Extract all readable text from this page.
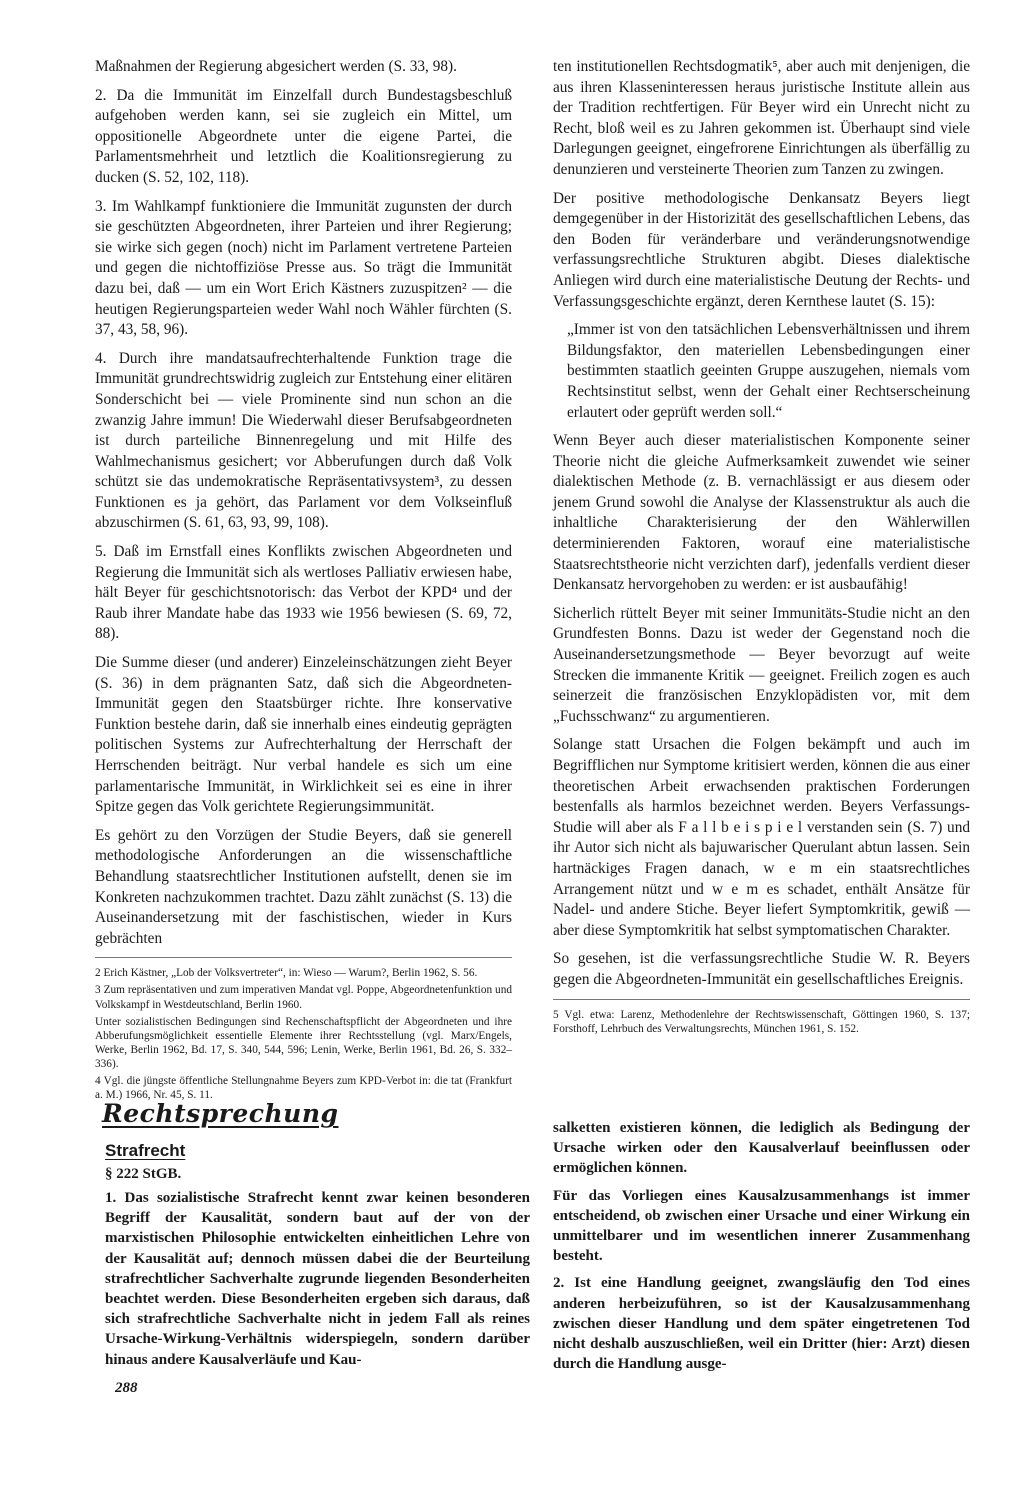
Maßnahmen der Regierung abgesichert werden (S. 33, 98).

2. Da die Immunität im Einzelfall durch Bundestagsbeschluß aufgehoben werden kann, sei sie zugleich ein Mittel, um oppositionelle Abgeordnete unter die eigene Partei, die Parlamentsmehrheit und letztlich die Koalitionsregierung zu ducken (S. 52, 102, 118).

3. Im Wahlkampf funktioniere die Immunität zugunsten der durch sie geschützten Abgeordneten, ihrer Parteien und ihrer Regierung; sie wirke sich gegen (noch) nicht im Parlament vertretene Parteien und gegen die nichtoffiziöse Presse aus. So trägt die Immunität dazu bei, daß — um ein Wort Erich Kästners zuzuspitzen² — die heutigen Regierungsparteien weder Wahl noch Wähler fürchten (S. 37, 43, 58, 96).

4. Durch ihre mandatsaufrechterhaltende Funktion trage die Immunität grundrechtswidrig zugleich zur Entstehung einer elitären Sonderschicht bei — viele Prominente sind nun schon an die zwanzig Jahre immun! Die Wiederwahl dieser Berufsabgeordneten ist durch parteiliche Binnenregelung und mit Hilfe des Wahlmechanismus gesichert; vor Abberufungen durch daß Volk schützt sie das undemokratische Repräsentativsystem³, zu dessen Funktionen es ja gehört, das Parlament vor dem Volkseinfluß abzuschirmen (S. 61, 63, 93, 99, 108).

5. Daß im Ernstfall eines Konflikts zwischen Abgeordneten und Regierung die Immunität sich als wertloses Palliativ erwiesen habe, hält Beyer für geschichtsnotorisch: das Verbot der KPD⁴ und der Raub ihrer Mandate habe das 1933 wie 1956 bewiesen (S. 69, 72, 88).

Die Summe dieser (und anderer) Einzeleinschätzungen zieht Beyer (S. 36) in dem prägnanten Satz, daß sich die Abgeordneten-Immunität gegen den Staatsbürger richte. Ihre konservative Funktion bestehe darin, daß sie innerhalb eines eindeutig geprägten politischen Systems zur Aufrechterhaltung der Herrschaft der Herrschenden beiträgt. Nur verbal handele es sich um eine parlamentarische Immunität, in Wirklichkeit sei es eine in ihrer Spitze gegen das Volk gerichtete Regierungsimmunität.

Es gehört zu den Vorzügen der Studie Beyers, daß sie generell methodologische Anforderungen an die wissenschaftliche Behandlung staatsrechtlicher Institutionen aufstellt, denen sie im Konkreten nachzukommen trachtet. Dazu zählt zunächst (S. 13) die Auseinandersetzung mit der faschistischen, wieder in Kurs gebrächten

2 Erich Kästner, „Lob der Volksvertreter“, in: Wieso — Warum?, Berlin 1962, S. 56.
3 Zum repräsentativen und zum imperativen Mandat vgl. Poppe, Abgeordnetenfunktion und Volkskampf in Westdeutschland, Berlin 1960.
Unter sozialistischen Bedingungen sind Rechenschaftspflicht der Abgeordneten und ihre Abberufungsmöglichkeit essentielle Elemente ihrer Rechtsstellung (vgl. Marx/Engels, Werke, Berlin 1962, Bd. 17, S. 340, 544, 596; Lenin, Werke, Berlin 1961, Bd. 26, S. 332–336).
4 Vgl. die jüngste öffentliche Stellungnahme Beyers zum KPD-Verbot in: die tat (Frankfurt a. M.) 1966, Nr. 45, S. 11.

ten institutionellen Rechtsdogmatik⁵, aber auch mit denjenigen, die aus ihren Klasseninteressen heraus juristische Institute allein aus der Tradition rechtfertigen. Für Beyer wird ein Unrecht nicht zu Recht, bloß weil es zu Jahren gekommen ist. Überhaupt sind viele Darlegungen geeignet, eingefrorene Einrichtungen als überfällig zu denunzieren und versteinerte Theorien zum Tanzen zu zwingen.

Der positive methodologische Denkansatz Beyers liegt demgegenüber in der Historizität des gesellschaftlichen Lebens, das den Boden für veränderbare und veränderungsnotwendige verfassungsrechtliche Strukturen abgibt. Dieses dialektische Anliegen wird durch eine materialistische Deutung der Rechts- und Verfassungsgeschichte ergänzt, deren Kernthese lautet (S. 15):

„Immer ist von den tatsächlichen Lebensverhältnissen und ihrem Bildungsfaktor, den materiellen Lebensbedingungen einer bestimmten staatlich geeinten Gruppe auszugehen, niemals vom Rechtsinstitut selbst, wenn der Gehalt einer Rechtserscheinung erlautert oder geprüft werden soll.“

Wenn Beyer auch dieser materialistischen Komponente seiner Theorie nicht die gleiche Aufmerksamkeit zuwendet wie seiner dialektischen Methode (z. B. vernachlässigt er aus diesem oder jenem Grund sowohl die Analyse der Klassenstruktur als auch die inhaltliche Charakterisierung der den Wählerwillen determinierenden Faktoren, worauf eine materialistische Staatsrechtstheorie nicht verzichten darf), jedenfalls verdient dieser Denkansatz hervorgehoben zu werden: er ist ausbaufähig!

Sicherlich rüttelt Beyer mit seiner Immunitäts-Studie nicht an den Grundfesten Bonns. Dazu ist weder der Gegenstand noch die Auseinandersetzungsmethode — Beyer bevorzugt auf weite Strecken die immanente Kritik — geeignet. Freilich zogen es auch seinerzeit die französischen Enzyklopädisten vor, mit dem „Fuchsschwanz“ zu argumentieren.

Solange statt Ursachen die Folgen bekämpft und auch im Begrifflichen nur Symptome kritisiert werden, können die aus einer theoretischen Arbeit erwachsenden praktischen Forderungen bestenfalls als harmlos bezeichnet werden. Beyers Verfassungs-Studie will aber als F a l l b e i s p i e l verstanden sein (S. 7) und ihr Autor sich nicht als bajuwarischer Querulant abtun lassen. Sein hartnäckiges Fragen danach, w e m ein staatsrechtliches Arrangement nützt und w e m es schadet, enthält Ansätze für Nadel- und andere Stiche. Beyer liefert Symptomkritik, gewiß — aber diese Symptomkritik hat selbst symptomatischen Charakter.

So gesehen, ist die verfassungsrechtliche Studie W. R. Beyers gegen die Abgeordneten-Immunität ein gesellschaftliches Ereignis.

5 Vgl. etwa: Larenz, Methodenlehre der Rechtswissenschaft, Göttingen 1960, S. 137; Forsthoff, Lehrbuch des Verwaltungsrechts, München 1961, S. 152.
Rechtsprechung
Strafrecht
§ 222 StGB.
1. Das sozialistische Strafrecht kennt zwar keinen besonderen Begriff der Kausalität, sondern baut auf der von der marxistischen Philosophie entwickelten einheitlichen Lehre von der Kausalität auf; dennoch müssen dabei die der Beurteilung strafrechtlicher Sachverhalte zugrunde liegenden Besonderheiten beachtet werden. Diese Besonderheiten ergeben sich daraus, daß sich strafrechtliche Sachverhalte nicht in jedem Fall als reines Ursache-Wirkung-Verhältnis widerspiegeln, sondern darüber hinaus andere Kausalverläufe und Kau-
salketten existieren können, die lediglich als Bedingung der Ursache wirken oder den Kausalverlauf beeinflussen oder ermöglichen können.
Für das Vorliegen eines Kausalzusammenhangs ist immer entscheidend, ob zwischen einer Ursache und einer Wirkung ein unmittelbarer und im wesentlichen innerer Zusammenhang besteht.
2. Ist eine Handlung geeignet, zwangsläufig den Tod eines anderen herbeizuführen, so ist der Kausalzusammenhang zwischen dieser Handlung und dem später eingetretenen Tod nicht deshalb auszuschließen, weil ein Dritter (hier: Arzt) diesen durch die Handlung ausge-
288
